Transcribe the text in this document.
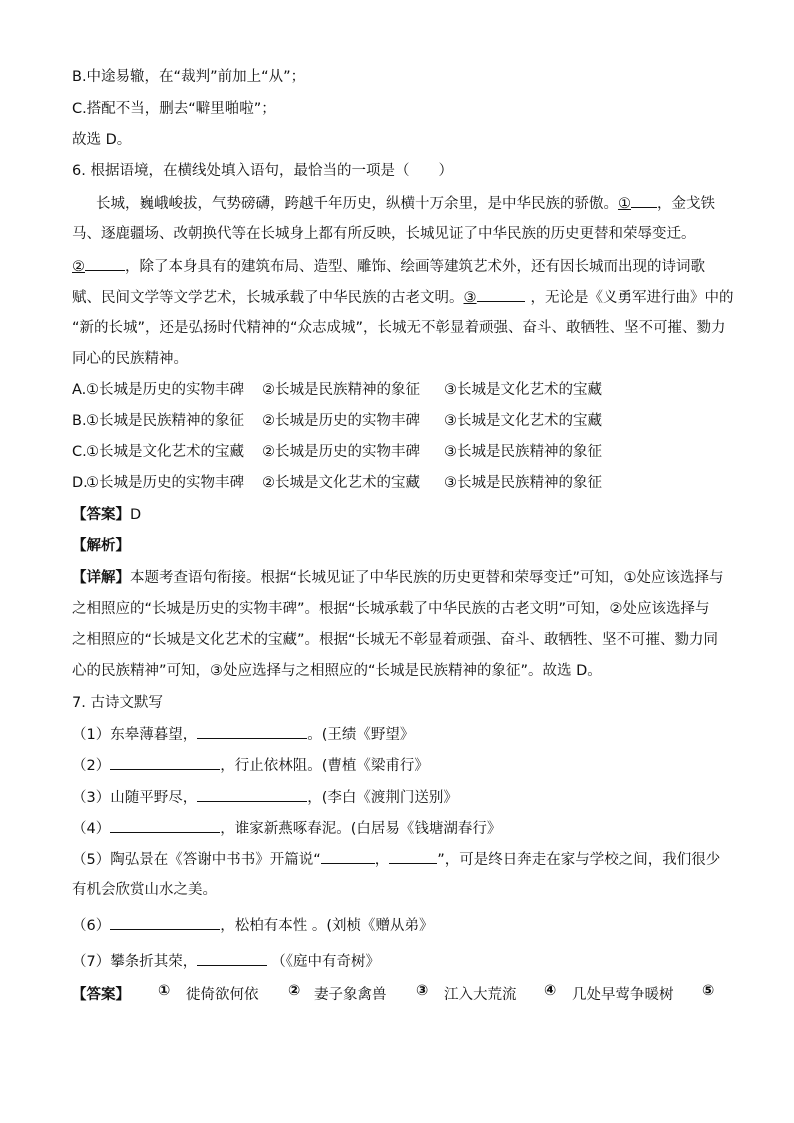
B.中途易辙，在“裁判”前加上“从”；
C.搭配不当，删去“噼里啪啦”；
故选 D。
6. 根据语境，在横线处填入语句，最恰当的一项是（　　）
长城，巍峨峻拔，气势磅礴，跨越千年历史，纵横十万余里，是中华民族的骄傲。① ，金戈铁
马、逐鹿疆场、改朝换代等在长城身上都有所反映，长城见证了中华民族的历史更替和荣辱变迁。
②	，除了本身具有的建筑布局、造型、雕饰、绘画等建筑艺术外，还有因长城而出现的诗词歌
赋、民间文学等文学艺术，长城承载了中华民族的古老文明。③	，无论是《义勇军进行曲》中的
“新的长城”，还是弘扬时代精神的“众志成城”，长城无不彰显着顽强、奋斗、敢牺牲、坚不可摧、勠力
同心的民族精神。
A. ①长城是历史的实物丰碑 ②长城是民族精神的象征 ③长城是文化艺术的宝藏
B. ①长城是民族精神的象征 ②长城是历史的实物丰碑 ③长城是文化艺术的宝藏
C. ①长城是文化艺术的宝藏 ②长城是历史的实物丰碑 ③长城是民族精神的象征
D.
①长城是历史的实物丰碑 ②长城是文化艺术的宝藏 ③长城是民族精神的象征
【答案】D
【解析】
【详解】本题考查语句衔接。根据“长城见证了中华民族的历史更替和荣辱变迁”可知，①处应该选择与
之相照应的“长城是历史的实物丰碑”。根据“长城承载了中华民族的古老文明”可知，②处应该选择与
之相照应的“长城是文化艺术的宝藏”。根据“长城无不彰显着顽强、奋斗、敢牺牲、坚不可摧、勠力同
心的民族精神”可知，③处应选择与之相照应的“长城是民族精神的象征”。故选 D。
7. 古诗文默写
（1）东皋薄暮望，	。(王绩《野望》
（2）	，行止依林阻。(曹植《梁甫行》
（3）山随平野尽，	，(李白《渡荆门送别》
（4）	，谁家新燕啄春泥。(白居易《钱塘湖春行》
（5）陶弘景在《答谢中书书》开篇说“	，	”，可是终日奔走在家与学校之间，我们很少
有机会欣赏山水之美。
（6）	，松柏有本性 。(刘桢《赠从弟》
（7）攀条折其荣，	（《庭中有奇树》
【答案】 ① 徙倚欲何依 ② 妻子象禽兽 ③ 江入大荒流 ④ 几处早莺争暖树 ⑤
